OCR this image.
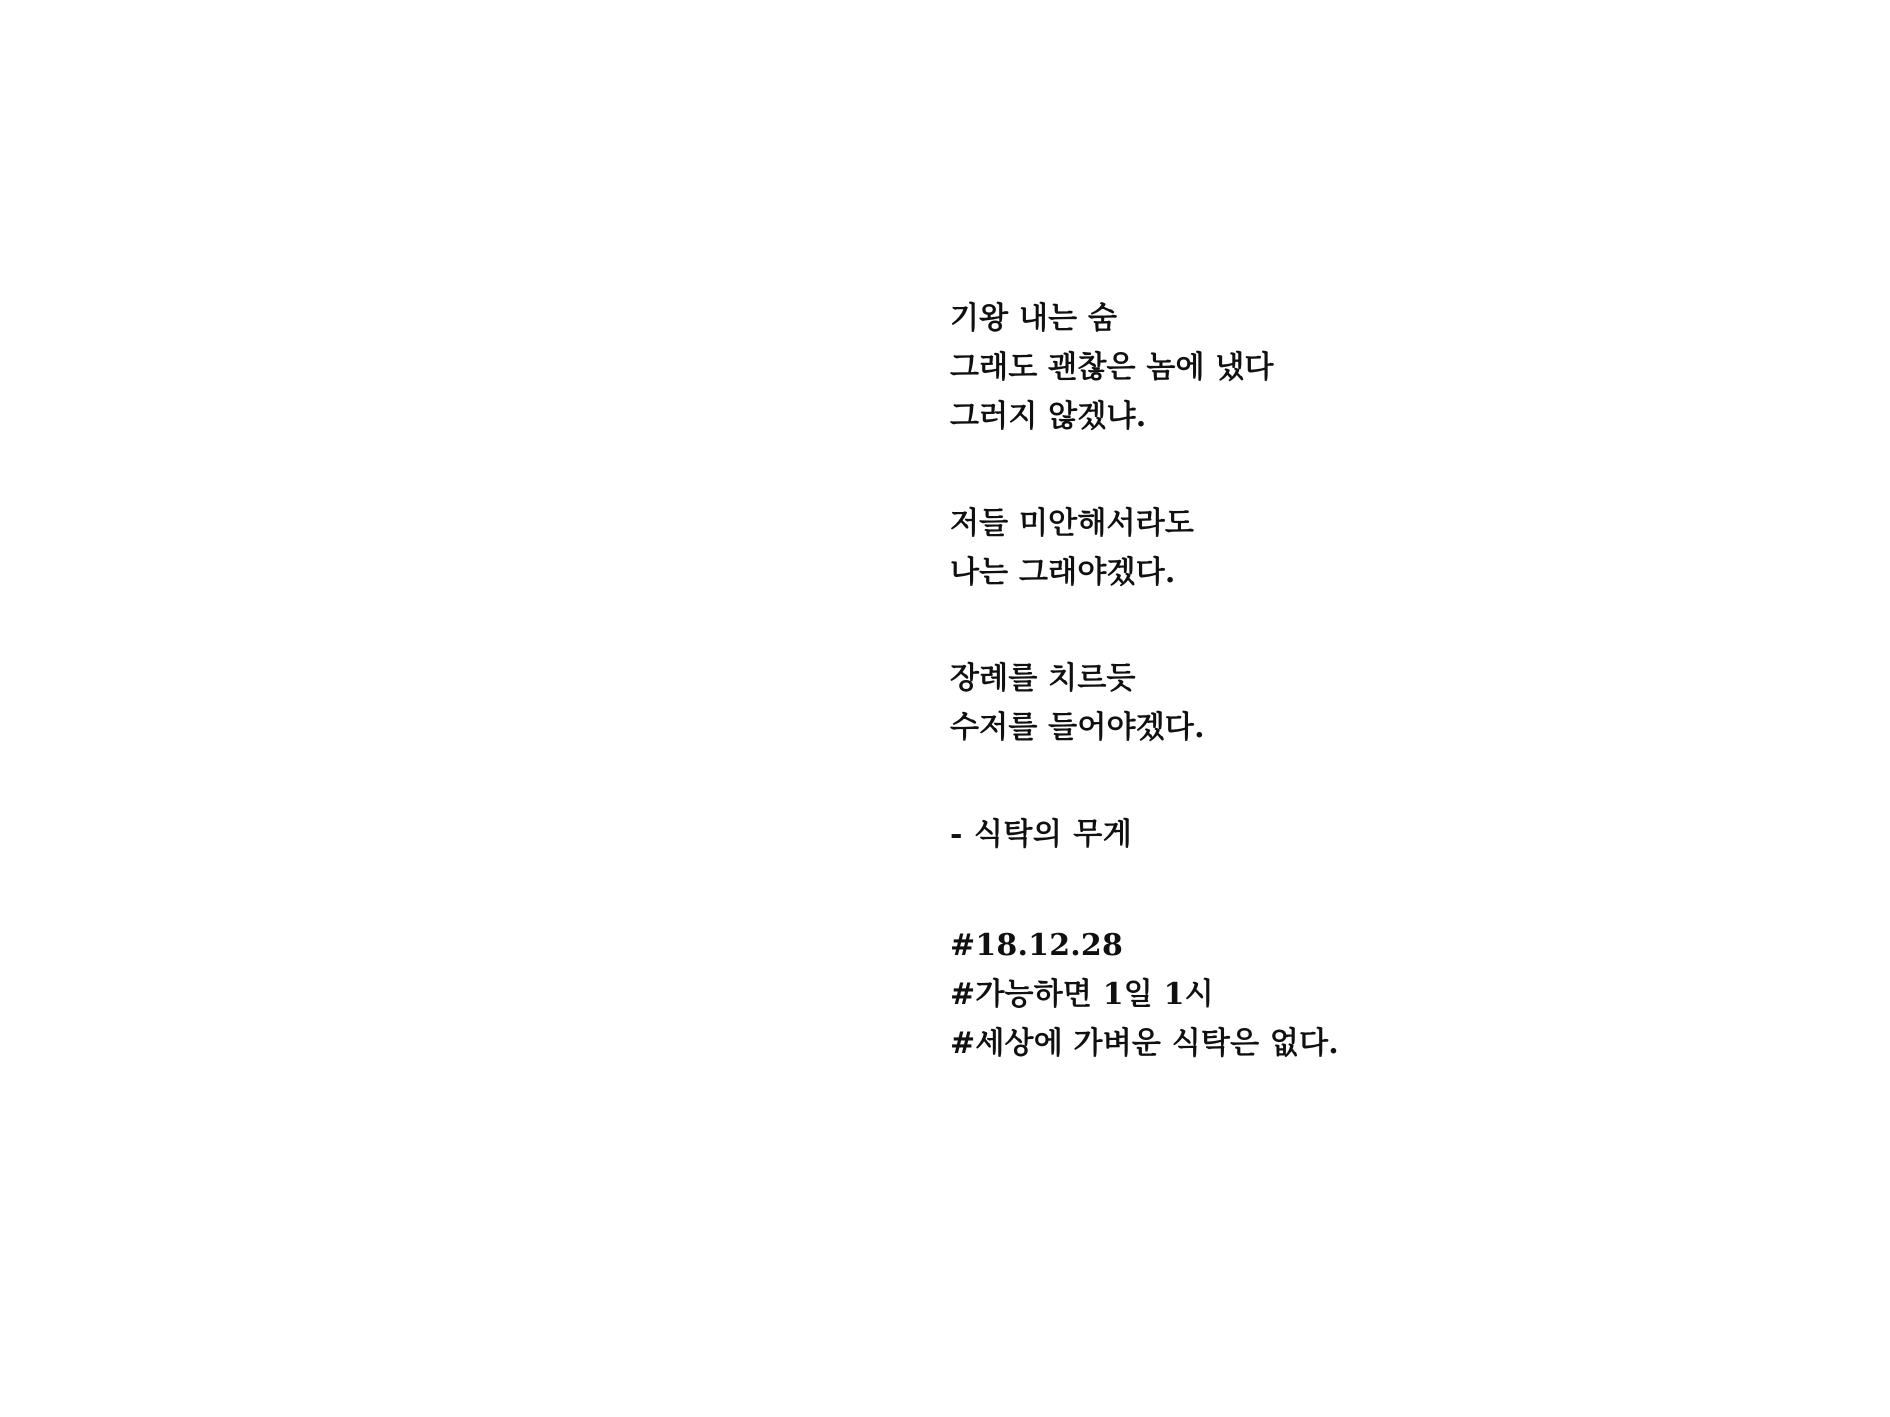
기왕 내는 숨
그래도 괜찮은 놈에 냈다
그러지 않겠냐.
저들 미안해서라도
나는 그래야겠다.
장례를 치르듯
수저를 들어야겠다.
- 식탁의 무게
#18.12.28
#가능하면 1일 1시
#세상에 가벼운 식탁은 없다.
